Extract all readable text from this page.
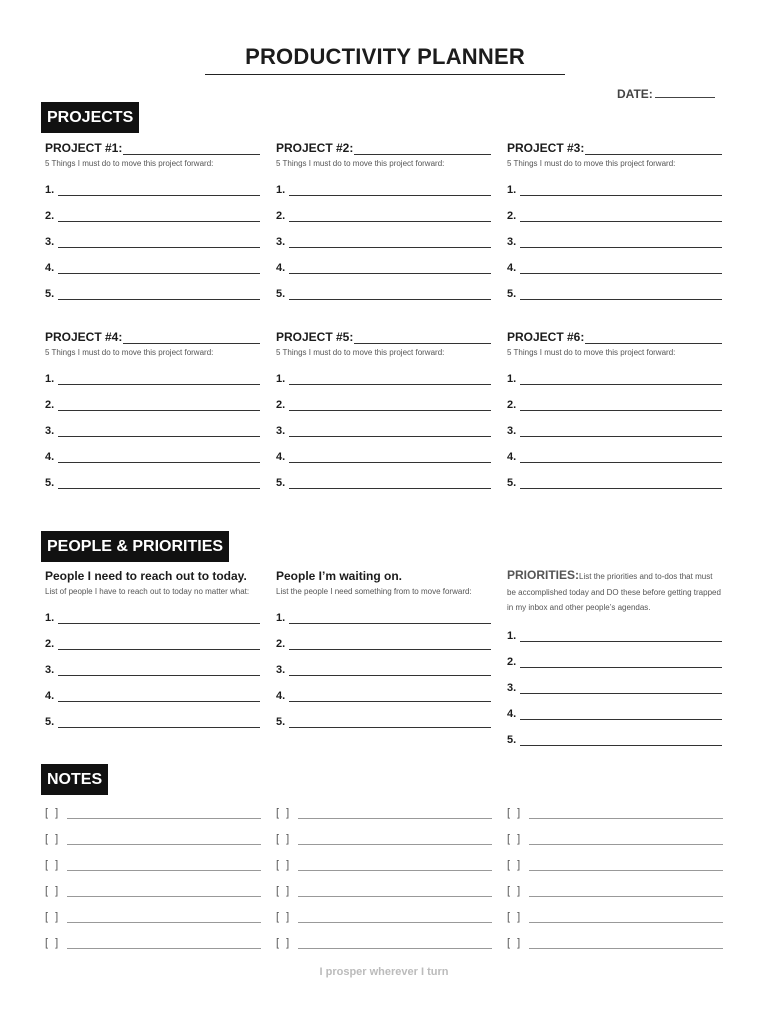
PRODUCTIVITY PLANNER
DATE:
PROJECTS
PROJECT #1:
5 Things I must do to move this project forward:
1.
2.
3.
4.
5.
PROJECT #2:
5 Things I must do to move this project forward:
1.
2.
3.
4.
5.
PROJECT #3:
5 Things I must do to move this project forward:
1.
2.
3.
4.
5.
PROJECT #4:
5 Things I must do to move this project forward:
1.
2.
3.
4.
5.
PROJECT #5:
5 Things I must do to move this project forward:
1.
2.
3.
4.
5.
PROJECT #6:
5 Things I must do to move this project forward:
1.
2.
3.
4.
5.
PEOPLE & PRIORITIES
People I need to reach out to today.
List of people I have to reach out to today no matter what:
1.
2.
3.
4.
5.
People I’m waiting on.
List the people I need something from to move forward:
1.
2.
3.
4.
5.
PRIORITIES:List the priorities and to-dos that must be accomplished today and DO these before getting trapped in my inbox and other people’s agendas.
1.
2.
3.
4.
5.
NOTES
[ ]
[ ]
[ ]
[ ]
[ ]
[ ]
[ ]
[ ]
[ ]
[ ]
[ ]
[ ]
[ ]
[ ]
[ ]
[ ]
[ ]
[ ]
I prosper wherever I turn
